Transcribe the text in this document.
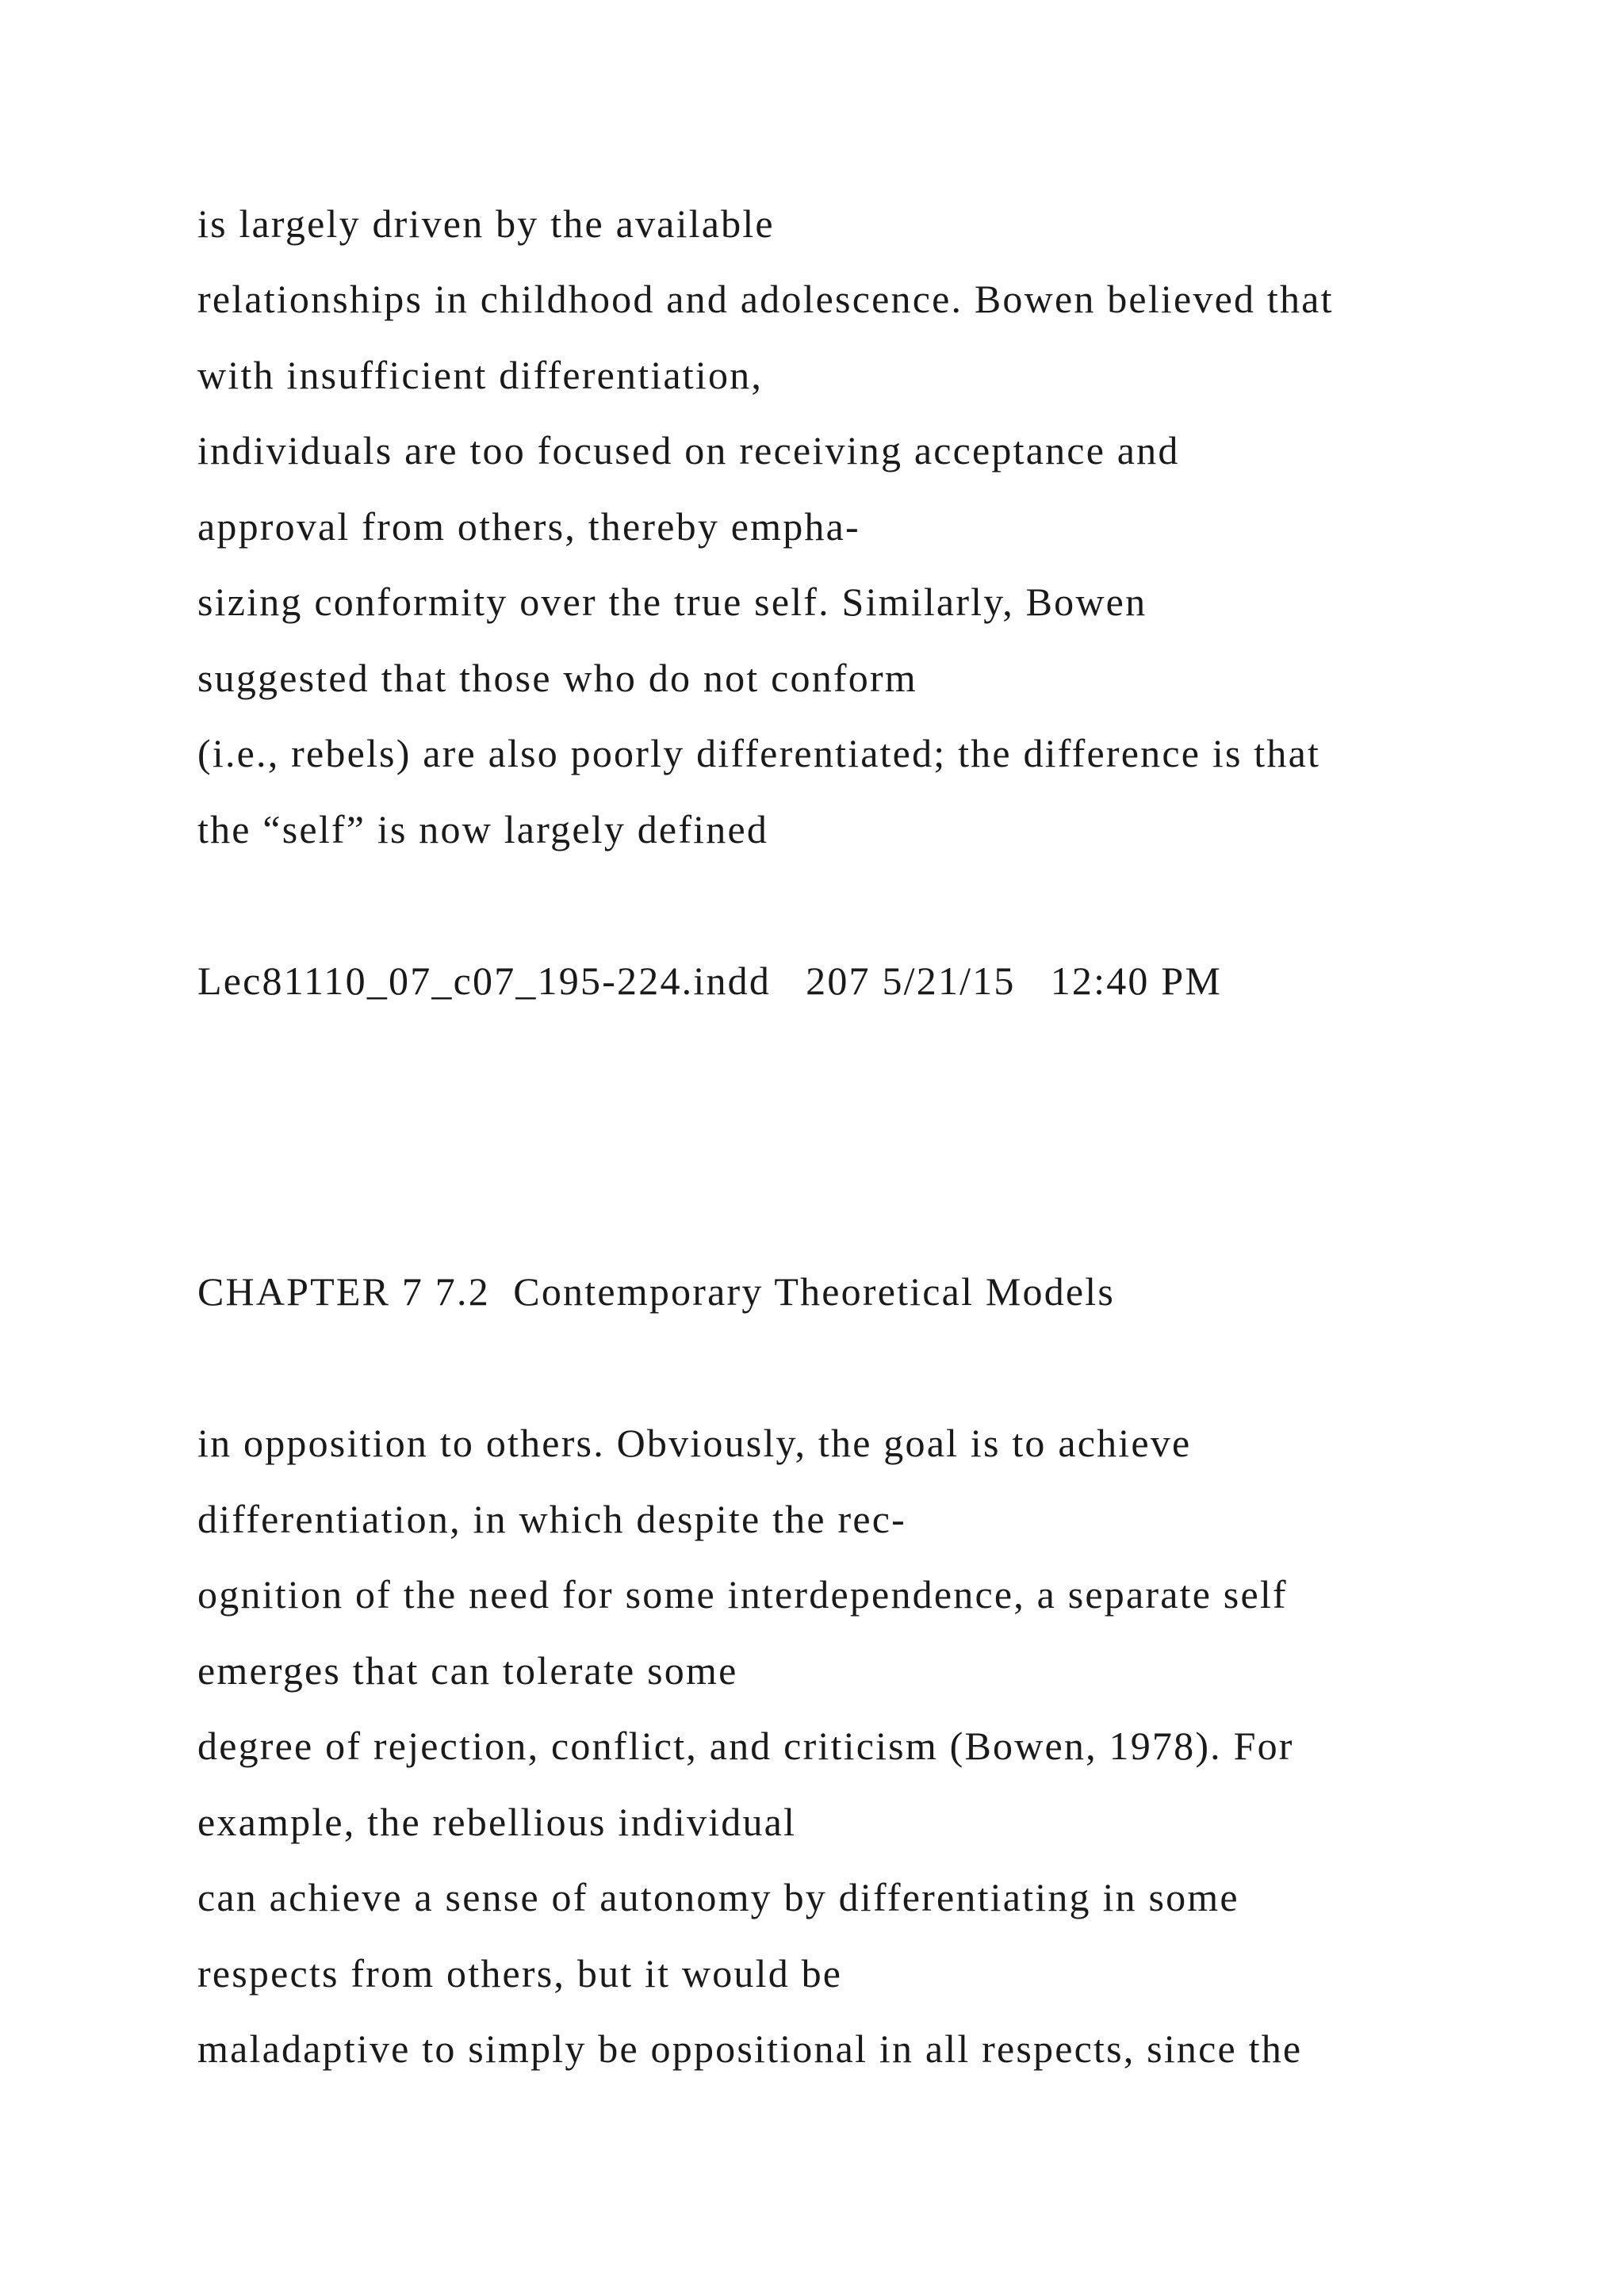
is largely driven by the available
relationships in childhood and adolescence. Bowen believed that
with insufficient differentiation,
individuals are too focused on receiving acceptance and
approval from others, thereby empha-
sizing conformity over the true self. Similarly, Bowen
suggested that those who do not conform
(i.e., rebels) are also poorly differentiated; the difference is that
the “self” is now largely defined
Lec81110_07_c07_195-224.indd   207 5/21/15   12:40 PM
CHAPTER 7 7.2  Contemporary Theoretical Models
in opposition to others. Obviously, the goal is to achieve
differentiation, in which despite the rec-
ognition of the need for some interdependence, a separate self
emerges that can tolerate some
degree of rejection, conflict, and criticism (Bowen, 1978). For
example, the rebellious individual
can achieve a sense of autonomy by differentiating in some
respects from others, but it would be
maladaptive to simply be oppositional in all respects, since the
